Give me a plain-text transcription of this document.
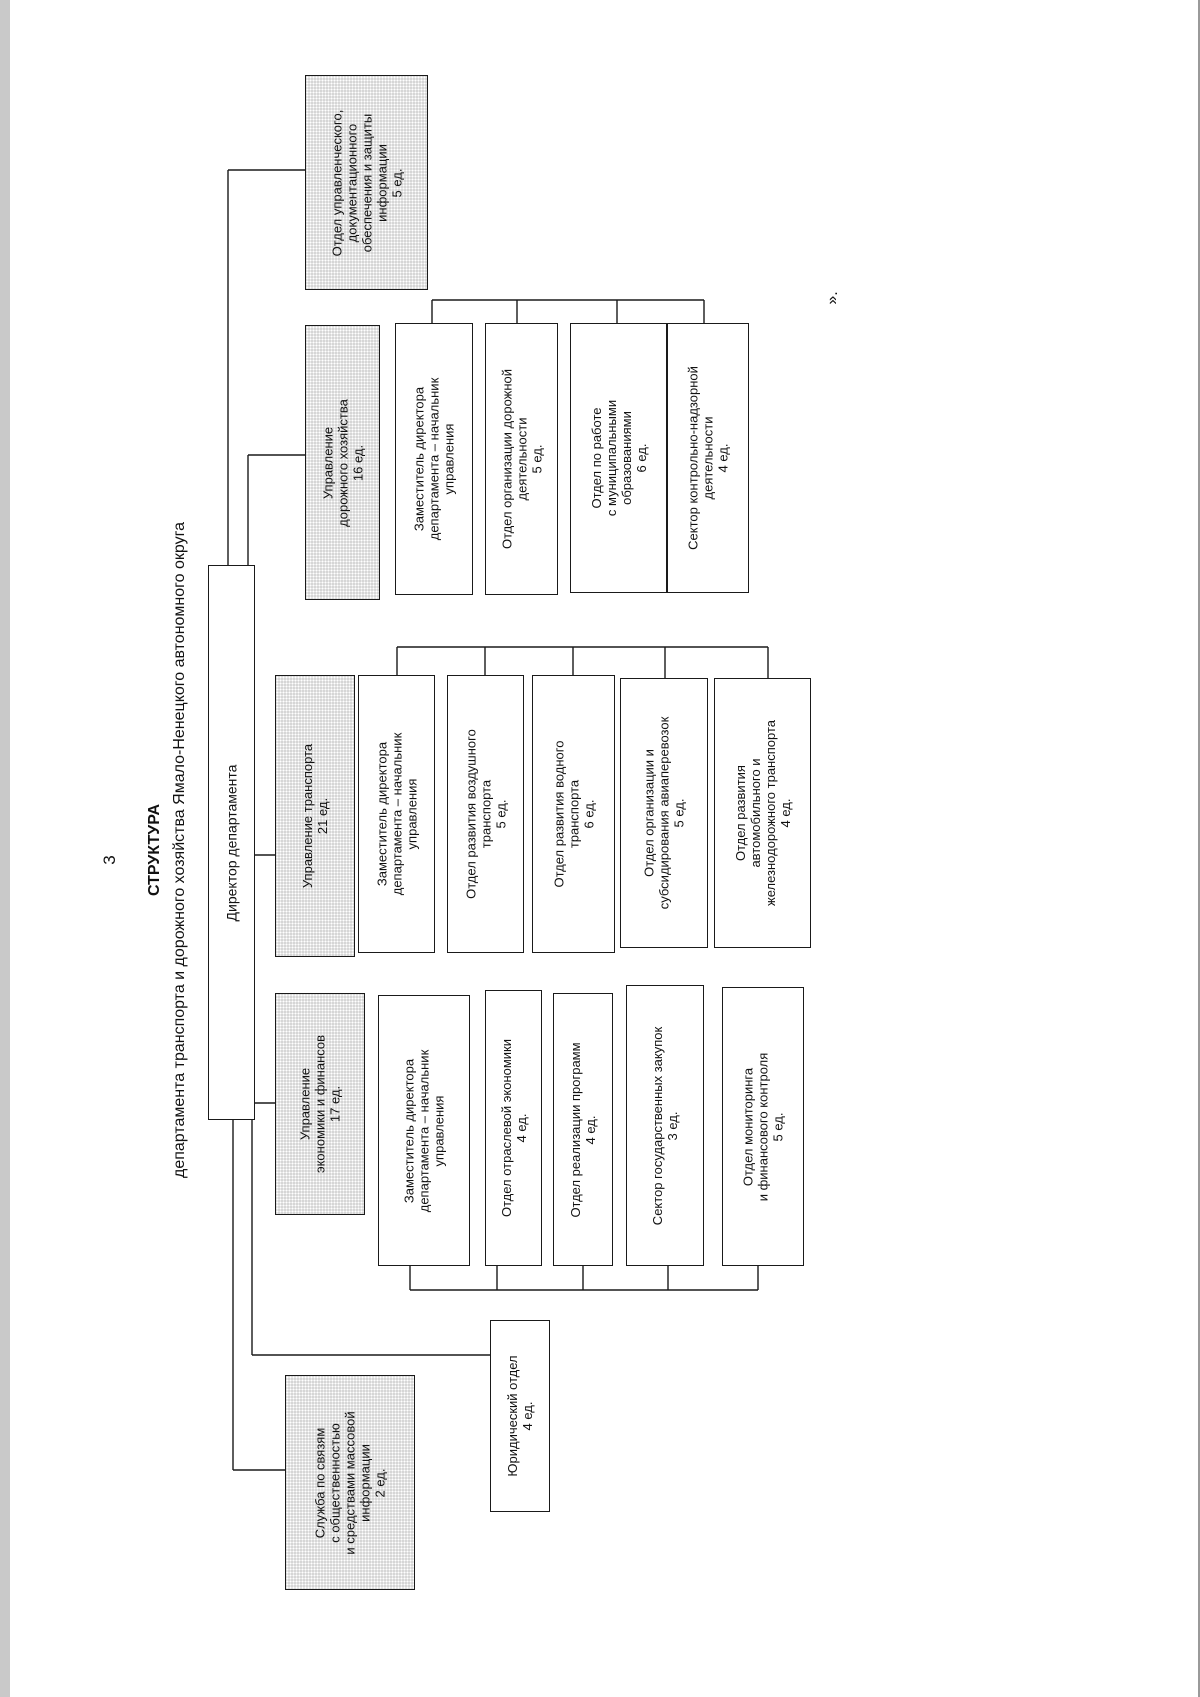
3 СТРУКТУРА департамента транспорта и дорожного хозяйства Ямало-Ненецкого автономного округа	Директор департамента
Служба по связям с общественностью и средствами массовой информации 2 ед.
Юридический отдел 4 ед.
Управление экономики и финансов 17 ед.	Заместитель директора департамента – начальник управления	Отдел отраслевой экономики 4 ед.	Отдел реализации программ 4 ед.	Сектор государственных закупок 3 ед.	Отдел мониторинга и финансового контроля 5 ед.
Управление транспорта 21 ед.	Заместитель директора департамента – начальник управления	Отдел развития воздушного транспорта 5 ед.	Отдел развития водного транспорта 6 ед.	Отдел организации и субсидирования авиаперевозок 5 ед.	Отдел развития автомобильного и железнодорожного транспорта 4 ед.
Управление дорожного хозяйства 16 ед.	Заместитель директора департамента – начальник управления	Отдел организации дорожной деятельности 5 ед.	Отдел по работе с муниципальными образованиями 6 ед.	Сектор контрольно-надзорной деятельности 4 ед.
Отдел управленческого, документационного обеспечения и защиты информации 5 ед.
».
